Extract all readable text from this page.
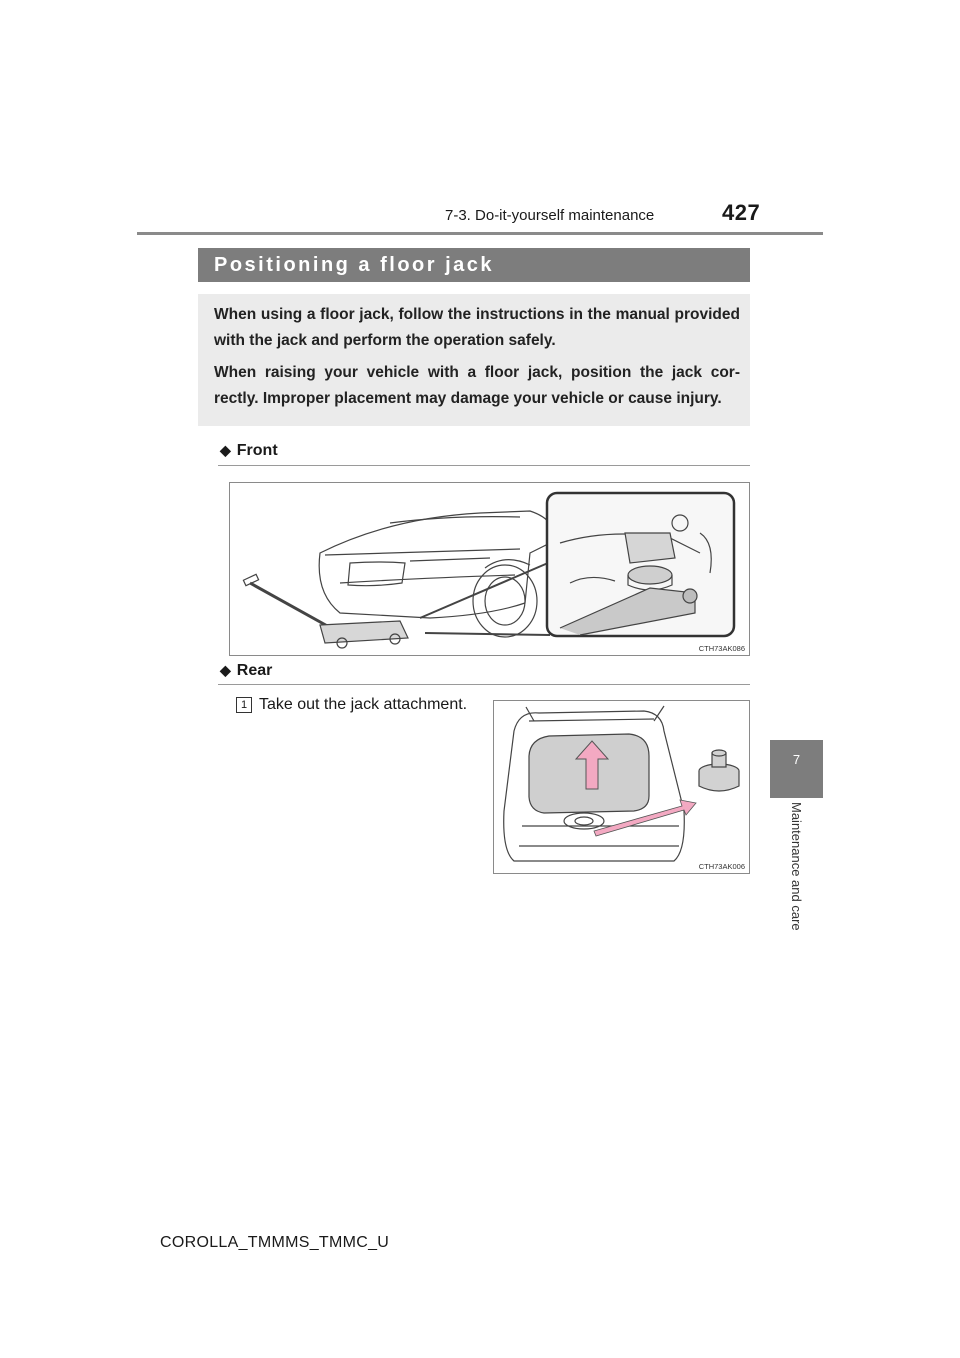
7-3. Do-it-yourself maintenance	427
7
Maintenance and care
Positioning a floor jack

When using a floor jack, follow the instructions in the manual provided with the jack and perform the operation safely.

When raising your vehicle with a floor jack, position the jack cor- rectly. Improper placement may damage your vehicle or cause injury.

◆ Front
CTH73AK086
◆ Rear
1 Take out the jack attachment.
CTH73AK006
COROLLA_TMMMS_TMMC_U
